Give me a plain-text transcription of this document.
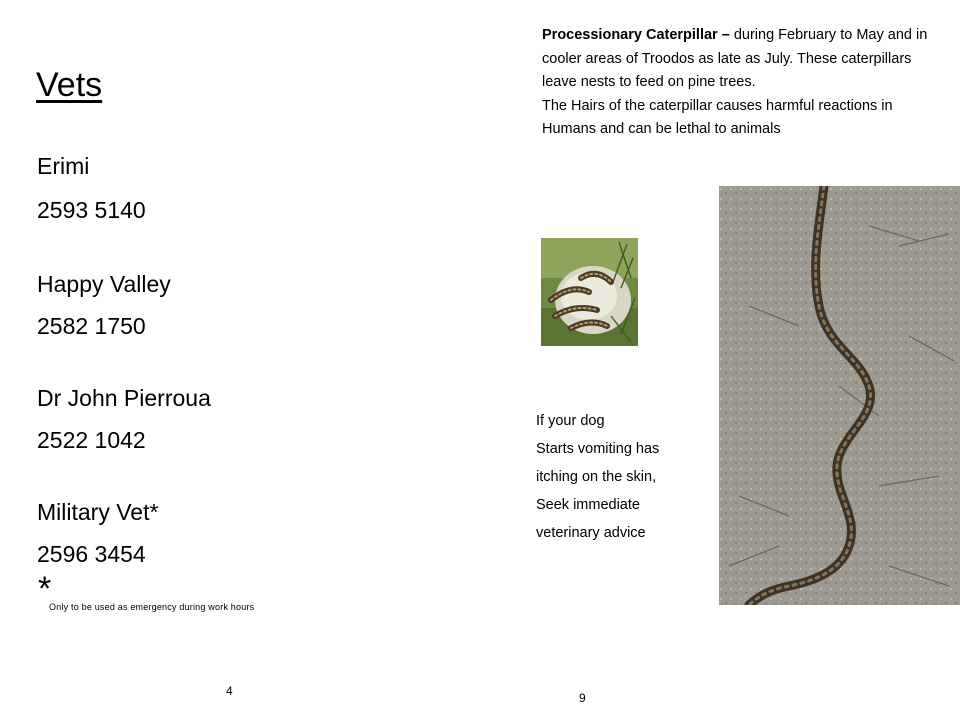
Vets
Erimi
2593 5140
Happy Valley
2582 1750
Dr John Pierroua
2522 1042
Military Vet*
2596 3454
*
Only to be used as emergency during work hours
4

Processionary Caterpillar – during February to May and in cooler areas of Troodos as late as July. These caterpillars leave nests to feed on pine trees.

The Hairs of the caterpillar causes harmful reactions in Humans and can be lethal to animals

If your dog
Starts vomiting has
itching on the skin,
Seek immediate
veterinary advice
9
